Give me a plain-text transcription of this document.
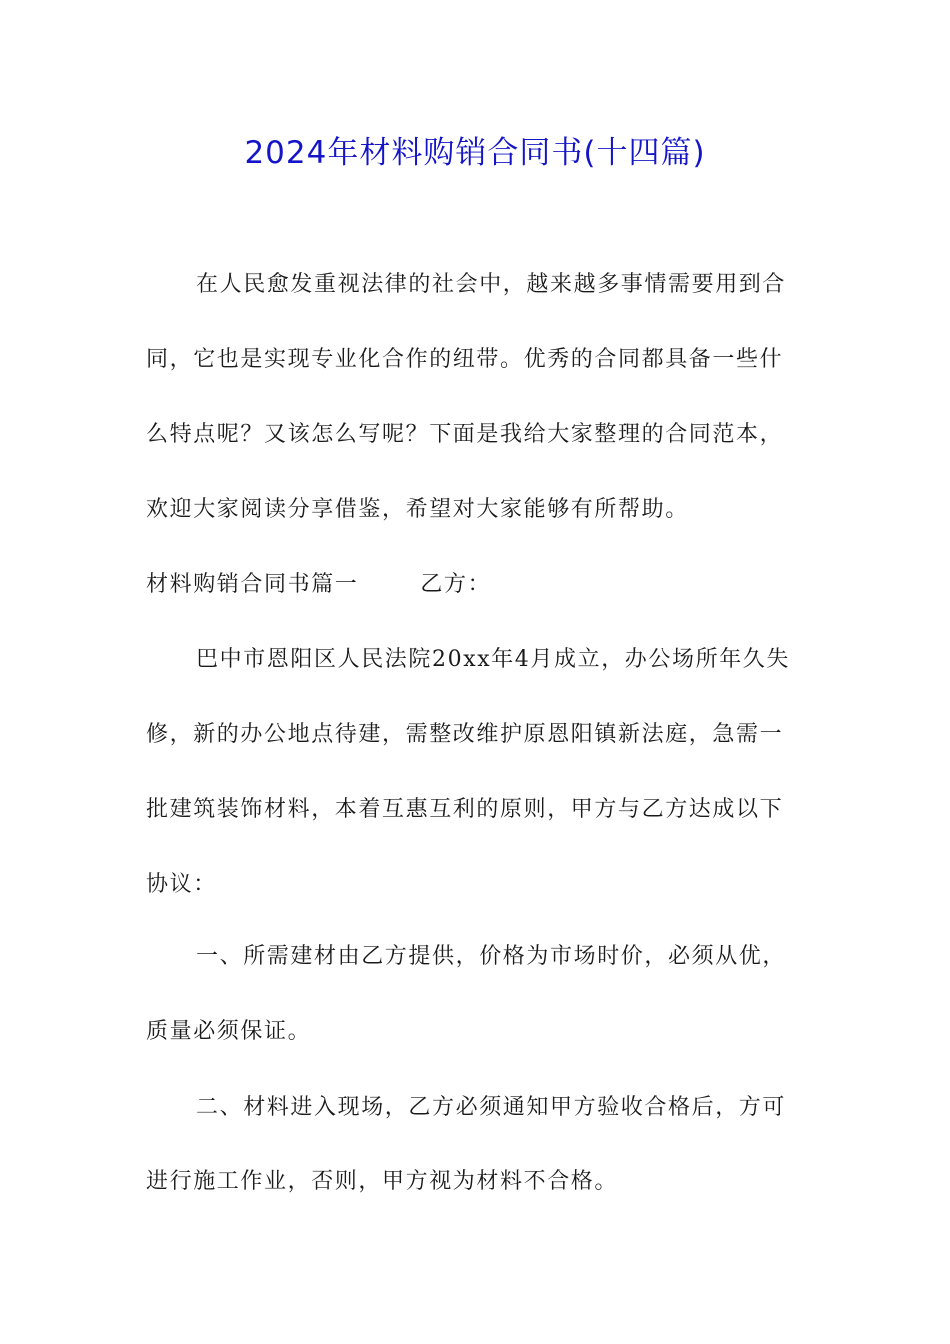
2024年材料购销合同书(十四篇)
在人民愈发重视法律的社会中，越来越多事情需要用到合
同，它也是实现专业化合作的纽带。优秀的合同都具备一些什
么特点呢？又该怎么写呢？下面是我给大家整理的合同范本，
欢迎大家阅读分享借鉴，希望对大家能够有所帮助。
材料购销合同书篇一	乙方：
巴中市恩阳区人民法院20xx年4月成立，办公场所年久失
修，新的办公地点待建，需整改维护原恩阳镇新法庭，急需一
批建筑装饰材料，本着互惠互利的原则，甲方与乙方达成以下
协议：
一、所需建材由乙方提供，价格为市场时价，必须从优，
质量必须保证。
二、材料进入现场，乙方必须通知甲方验收合格后，方可
进行施工作业，否则，甲方视为材料不合格。
